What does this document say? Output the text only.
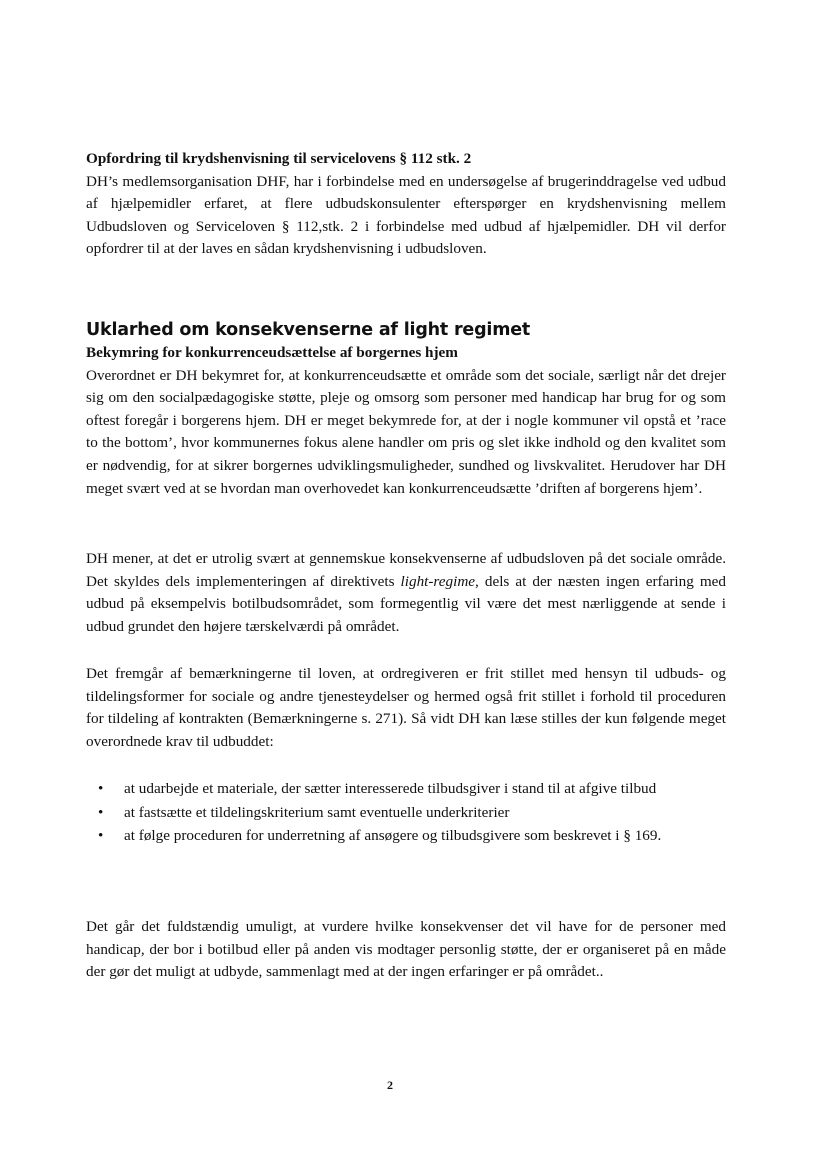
Opfordring til krydshenvisning til servicelovens § 112 stk. 2

DH’s medlemsorganisation DHF, har i forbindelse med en undersøgelse af brugerinddragelse ved udbud af hjælpemidler erfaret, at flere udbudskonsulenter efterspørger en krydshenvisning mellem Udbudsloven og Serviceloven § 112,stk. 2 i forbindelse med udbud af hjælpemidler. DH vil derfor opfordrer til at der laves en sådan krydshenvisning i udbudsloven.

Uklarhed om konsekvenserne af light regimet

Bekymring for konkurrenceudsættelse af borgernes hjem

Overordnet er DH bekymret for, at konkurrenceudsætte et område som det sociale, særligt når det drejer sig om den socialpædagogiske støtte, pleje og omsorg som personer med handicap har brug for og som oftest foregår i borgerens hjem. DH er meget bekymrede for, at der i nogle kommuner vil opstå et ’race to the bottom’, hvor kommunernes fokus alene handler om pris og slet ikke indhold og den kvalitet som er nødvendig, for at sikrer borgernes udviklingsmuligheder, sundhed og livskvalitet. Herudover har DH meget svært ved at se hvordan man overhovedet kan konkurrenceudsætte ’driften af borgerens hjem’.

DH mener, at det er utrolig svært at gennemskue konsekvenserne af udbudsloven på det sociale område. Det skyldes dels implementeringen af direktivets light-regime, dels at der næsten ingen erfaring med udbud på eksempelvis botilbudsområdet, som formegentlig vil være det mest nærliggende at sende i udbud grundet den højere tærskelværdi på området.

Det fremgår af bemærkningerne til loven, at ordregiveren er frit stillet med hensyn til udbuds- og tildelingsformer for sociale og andre tjenesteydelser og hermed også frit stillet i forhold til proceduren for tildeling af kontrakten (Bemærkningerne s. 271). Så vidt DH kan læse stilles der kun følgende meget overordnede krav til udbuddet:

• at udarbejde et materiale, der sætter interesserede tilbudsgiver i stand til at afgive tilbud
• at fastsætte et tildelingskriterium samt eventuelle underkriterier
• at følge proceduren for underretning af ansøgere og tilbudsgivere som beskrevet i § 169.

Det går det fuldstændig umuligt, at vurdere hvilke konsekvenser det vil have for de personer med handicap, der bor i botilbud eller på anden vis modtager personlig støtte, der er organiseret på en måde der gør det muligt at udbyde, sammenlagt med at der ingen erfaringer er på området..

2
